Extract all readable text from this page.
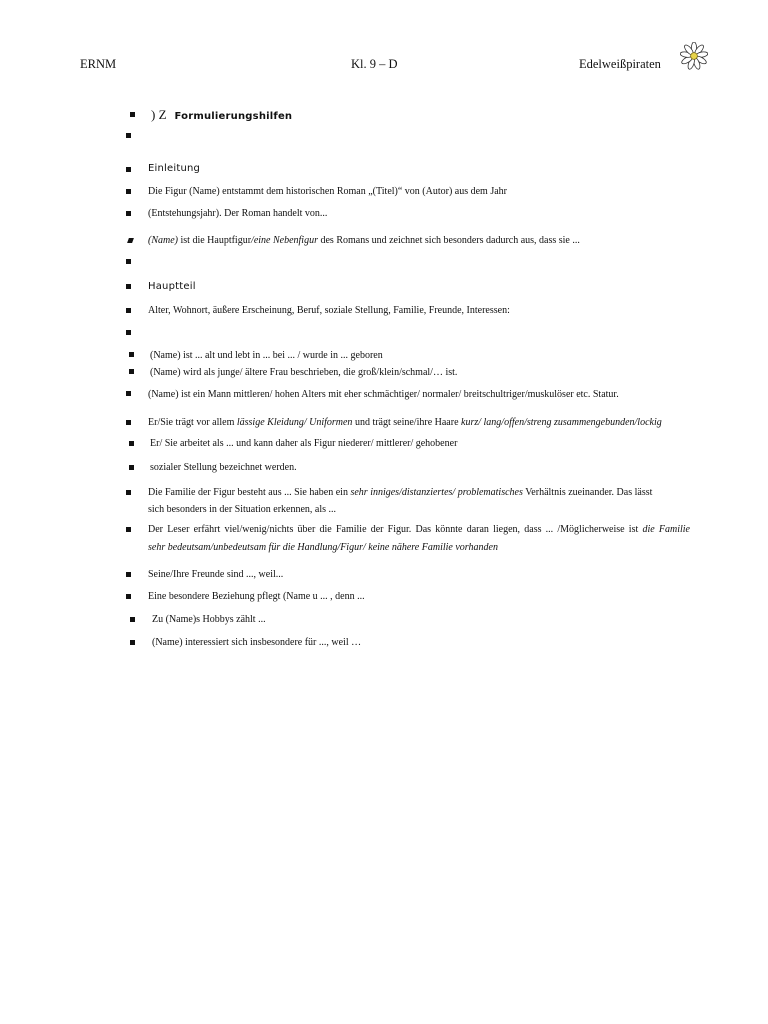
ERNM	Kl. 9 – D	Edelweißpiraten
) Z Formulierungshilfen
Einleitung
Die Figur (Name) entstammt dem historischen Roman „(Titel)“ von (Autor) aus dem Jahr
(Entstehungsjahr). Der Roman handelt von...
(Name) ist die Hauptfigur/eine Nebenfigur des Romans und zeichnet sich besonders dadurch aus, dass sie ...
Hauptteil
Alter, Wohnort, äußere Erscheinung, Beruf, soziale Stellung, Familie, Freunde, Interessen:
(Name) ist ... alt und lebt in ... bei ... / wurde in ... geboren
(Name) wird als junge/ ältere Frau beschrieben, die groß/klein/schmal/… ist.
(Name) ist ein Mann mittleren/ hohen Alters mit eher schmächtiger/ normaler/ breitschultriger/muskulöser etc. Statur.
Er/Sie trägt vor allem lässige Kleidung/ Uniformen und trägt seine/ihre Haare kurz/ lang/offen/streng zusammengebunden/lockig
Er/ Sie arbeitet als ... und kann daher als Figur niederer/ mittlerer/ gehobener
sozialer Stellung bezeichnet werden.
Die Familie der Figur besteht aus ... Sie haben ein sehr inniges/distanziertes/ problematisches Verhältnis zueinander. Das lässt
sich besonders in der Situation erkennen, als ...
Der Leser erfährt viel/wenig/nichts über die Familie der Figur. Das könnte daran liegen, dass ... /Möglicherweise ist die Familie
sehr bedeutsam/unbedeutsam für die Handlung/Figur/ keine nähere Familie vorhanden
Seine/Ihre Freunde sind ..., weil...
Eine besondere Beziehung pflegt (Name u ... , denn ...
Zu (Name)s Hobbys zählt ...
(Name) interessiert sich insbesondere für ..., weil …
